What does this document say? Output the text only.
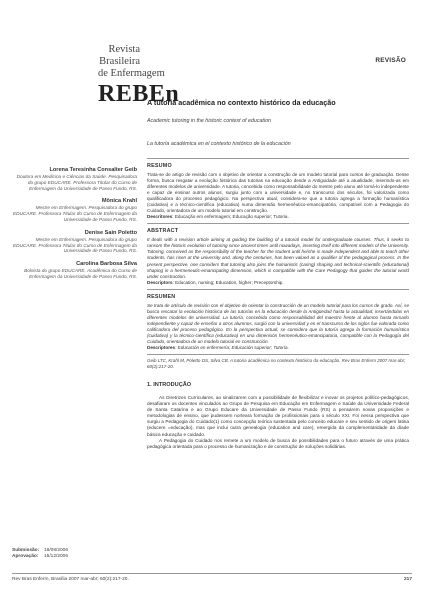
Revista
Brasileira
de Enfermagem
REBEn
REVISÃO
A tutoria acadêmica no contexto histórico da educação
Academic tutoring in the historic context of education
La tutoría académica en el contexto histórico de la educación
Lorena Teresinha Consalter Geib
Doutora em Medicina e Ciências da Saúde. Pesquisadora do grupo EDUCARE. Professora Titular do Curso de Enfermagem da Universidade de Passo Fundo, RS.
Mônica Krahl
Mestre em Enfermagem. Pesquisadora do grupo EDUCARE. Professora Titular do Curso de Enfermagem da Universidade de Passo Fundo, RS.
Denise Sain Poletto
Mestre em Enfermagem. Pesquisadora do grupo EDUCARE. Professora Titular do Curso de Enfermagem da Universidade de Passo Fundo, RS.
Carolina Barbosa Silva
Bolsista do grupo EDUCARE. Acadêmica do Curso de Enfermagem da Universidade de Passo Fundo, RS.
RESUMO
Trata-se de artigo de revisão com o objetivo de orientar a construção de um modelo tutorial para cursos de graduação. Desse forma, busca resgatar a evolução histórica das tutorias na educação desde a Antiguidade até a atualidade, inserindo-as em diferentes modelos de universidade. A tutoria, concebida como responsabilidade do mestre pelo aluno até torná-lo independente e capaz de ensinar outros alunos, surgiu junto com a universidade e, no transcurso dos séculos, foi valorizada como qualificadora do processo pedagógico. Na perspectiva atual, considera-se que a tutoria agrega a formação humanística (cuidativa) e a técnico-científica (educativa) numa dimensão hermenêutico-emancipatória, compatível com a Pedagogia do Cuidado, orientadora de um modelo tutorial em construção.
Descritores: Educação em enfermagem; Educação superior; Tutoria.
ABSTRACT
It deals with a revision article aiming at guiding the building of a tutorial model for undergraduate courses. Thus, it seeks to ransom the historic evolution of tutoring since ancient times until nowadays, inserting itself into different models of the University. Tutoring, conceived as the responsibility of the teacher for the student until he/she is made independent and able to teach other students, has risen at the university and, along the centuries, has been valued as a qualifier of the pedagogical process. In the present perspective, one considers that tutoring also joins the humanistic (caring) shaping and technical-scientific (educational) shaping in a hermeneutic-emancipating dimension, which is compatible with the Care Pedagogy that guides the tutorial world under construction.
Descriptors: Education, nursing; Education, higher; Preceptorship.
RESUMEN
Se trata de artículo de revisión con el objetivo de orientar la construcción de un modelo tutorial para los cursos de grado. Así, se busca rescatar la evolución histórica de las tutorías en la educación desde la Antigüedad hasta la actualidad, insertándolas en diferentes modelos de universidad. La tutoría, concebida como responsabilidad del maestro frente al alumno hasta tornarlo independiente y capaz de enseñar a otros alumnos, surgió con la universidad y en el transcurso de los siglos fue valorada como calificadora del proceso pedagógico. En la perspectiva actual, se considera que la tutoría agrega la formación humanística (cuidativa) y la técnico-científica (educativa) en una dimensión hermenéutico-emancipatoria, compatible con la Pedagogía del Cuidado, orientadora de un modelo tutorial en construcción.
Descriptores: Educación en enfermería; Educación superior; Tutoría.
Geib LTC, Krahl M, Poletto DS, Silva CB. A tutoria acadêmica no contexto histórico da educação. Rev Bras Enferm 2007 mar-abr; 60(2):217-20.
1. INTRODUÇÃO
As Diretrizes Curriculares, ao sinalizarem com a possibilidade de flexibilizar e inovar os projetos político-pedagógicos, desafiaram os docentes vinculados ao Grupo de Pesquisa em Educação em Enfermagem e Saúde da Universidade Federal de Santa Catarina e ao Grupo Educare da Universidade de Passo Fundo (RS) a pensarem novas proposições e metodologias de ensino, que pudessem norteara formação de profissionais para o século XXI. Foi nessa perspectiva que surgiu a Pedagogia do Cuidado(1) como concepção teórica sustentada pelo conceito educare e seu sentido de origem latina (educere =educação), mas que inclui outra genealogia (education and care), emergida da complementaridade da díade básica educação e cuidado.
A Pedagogia do Cuidado nos remete a um modelo de busca de possibilidades para o futuro através de uma prática pedagógica orientada para o processo de humanização e de construção de soluções solidárias.
Submissão: 18/08/2006
Aprovação: 15/12/2006
Rev Bras Enferm, Brasília 2007 mar-abr; 60(2):217-20.	217
